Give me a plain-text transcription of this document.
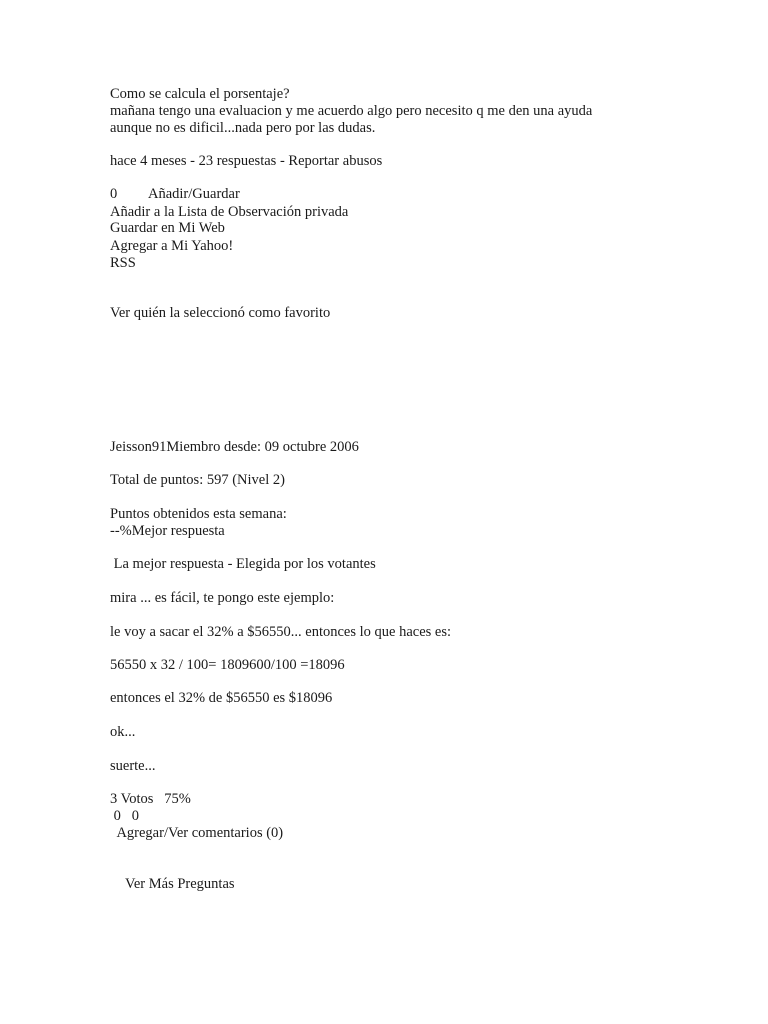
Como se calcula el porsentaje?

mañana tengo una evaluacion y me acuerdo algo pero necesito q me den una ayuda

aunque no es dificil...nada pero por las dudas.

hace 4 meses - 23 respuestas - Reportar abusos

0 Añadir/Guardar

Añadir a la Lista de Observación privada

Guardar en Mi Web

Agregar a Mi Yahoo!

RSS

Ver quién la seleccionó como favorito

Jeisson91Miembro desde: 09 octubre 2006

Total de puntos: 597 (Nivel 2)

Puntos obtenidos esta semana:

--%Mejor respuesta

La mejor respuesta - Elegida por los votantes

mira ... es fácil, te pongo este ejemplo:

le voy a sacar el 32% a $56550... entonces lo que haces es:

56550 x 32 / 100= 1809600/100 =18096

entonces el 32% de $56550 es $18096

ok...

suerte...

3 Votos   75%

0   0

Agregar/Ver comentarios (0)

Ver Más Preguntas
